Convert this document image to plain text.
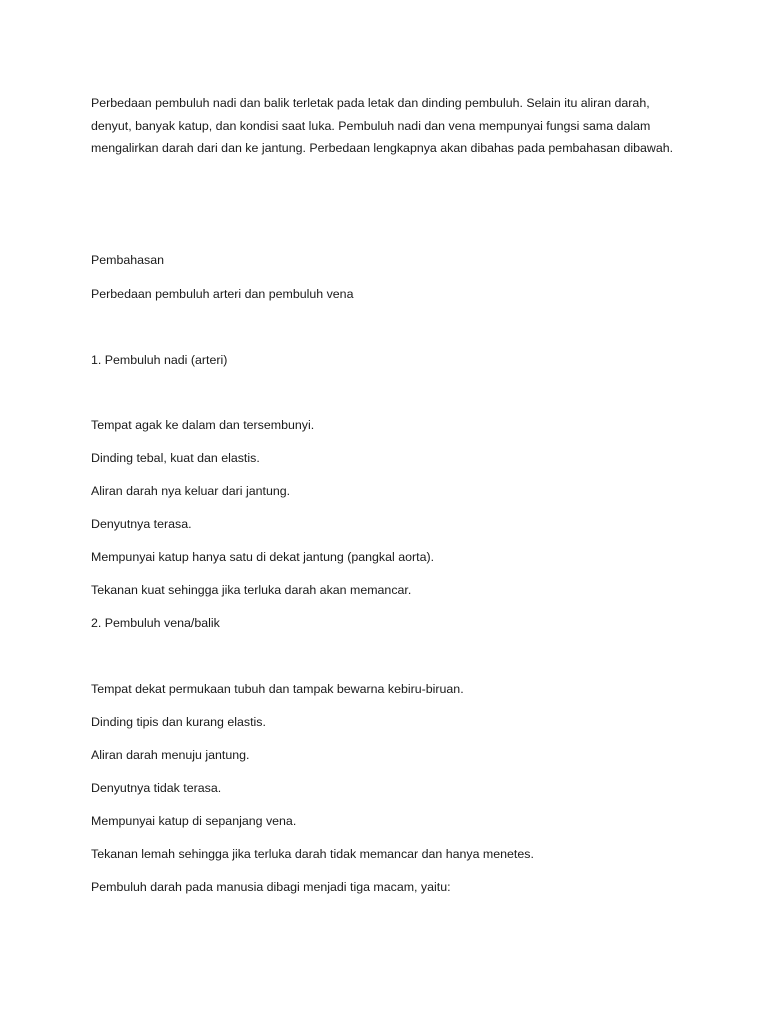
Perbedaan pembuluh nadi dan balik terletak pada letak dan dinding pembuluh. Selain itu aliran darah, denyut, banyak katup, dan kondisi saat luka. Pembuluh nadi dan vena mempunyai fungsi sama dalam mengalirkan darah dari dan ke jantung. Perbedaan lengkapnya akan dibahas pada pembahasan dibawah.

Pembahasan

Perbedaan pembuluh arteri dan pembuluh vena

1. Pembuluh nadi (arteri)

Tempat agak ke dalam dan tersembunyi.

Dinding tebal, kuat dan elastis.

Aliran darah nya keluar dari jantung.

Denyutnya terasa.

Mempunyai katup hanya satu di dekat jantung (pangkal aorta).

Tekanan kuat sehingga jika terluka darah akan memancar.

2. Pembuluh vena/balik

Tempat dekat permukaan tubuh dan tampak bewarna kebiru-biruan.

Dinding tipis dan kurang elastis.

Aliran darah menuju jantung.

Denyutnya tidak terasa.

Mempunyai katup di sepanjang vena.

Tekanan lemah sehingga jika terluka darah tidak memancar dan hanya menetes.

Pembuluh darah pada manusia dibagi menjadi tiga macam, yaitu:
